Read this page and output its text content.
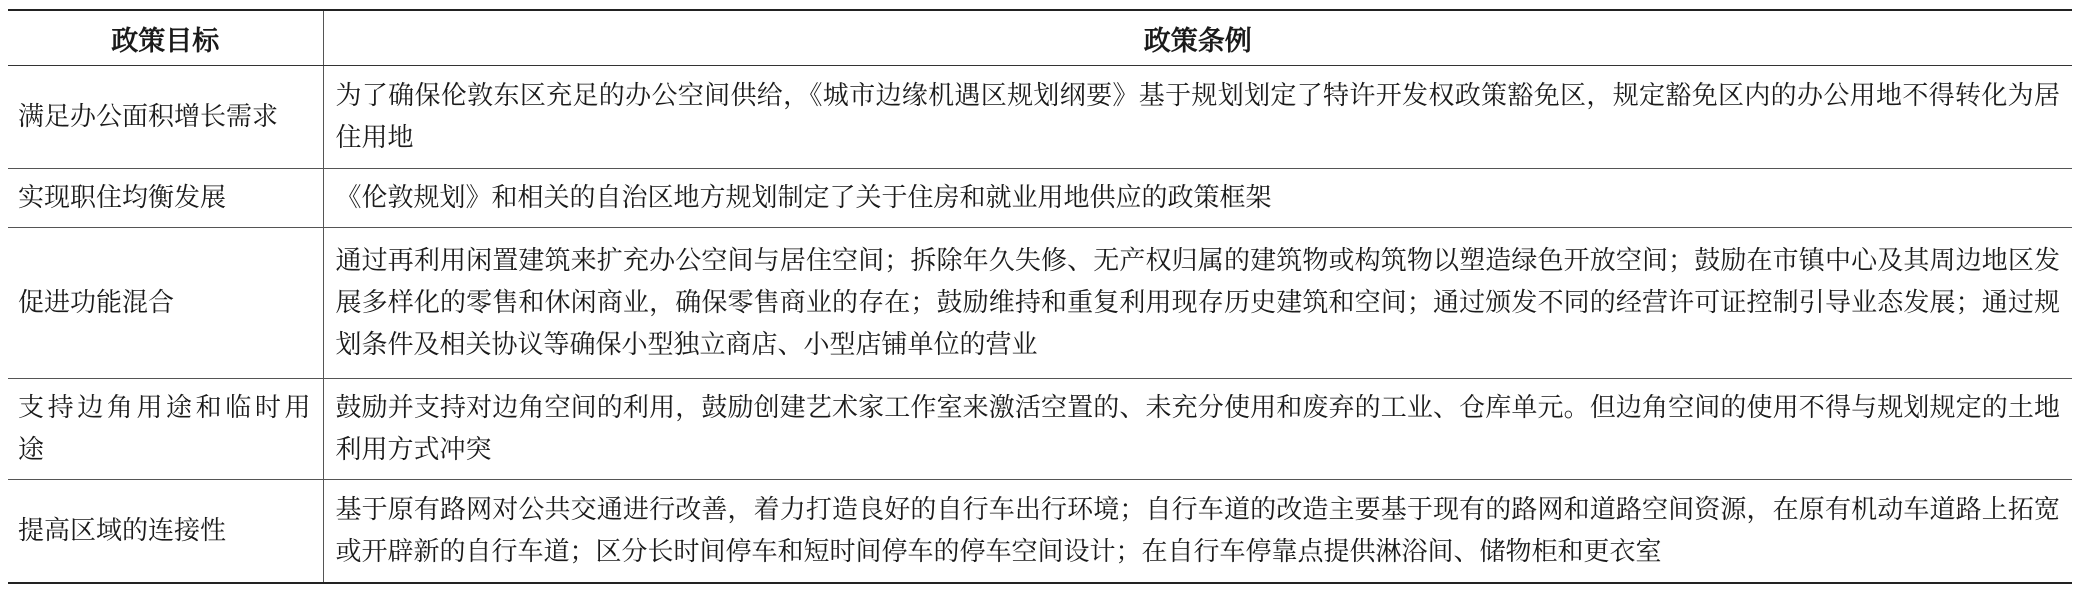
政策目标	政策条例
满足办公面积增长需求	为了确保伦敦东区充足的办公空间供给，《城市边缘机遇区规划纲要》基于规划划定了特许开发权政策豁免区，规定豁免区内的办公用地不得转化为居住用地
实现职住均衡发展	《伦敦规划》和相关的自治区地方规划制定了关于住房和就业用地供应的政策框架
促进功能混合	通过再利用闲置建筑来扩充办公空间与居住空间；拆除年久失修、无产权归属的建筑物或构筑物以塑造绿色开放空间；鼓励在市镇中心及其周边地区发展多样化的零售和休闲商业，确保零售商业的存在；鼓励维持和重复利用现存历史建筑和空间；通过颁发不同的经营许可证控制引导业态发展；通过规划条件及相关协议等确保小型独立商店、小型店铺单位的营业
支持边角用途和临时用途	鼓励并支持对边角空间的利用，鼓励创建艺术家工作室来激活空置的、未充分使用和废弃的工业、仓库单元。但边角空间的使用不得与规划规定的土地利用方式冲突
提高区域的连接性	基于原有路网对公共交通进行改善，着力打造良好的自行车出行环境；自行车道的改造主要基于现有的路网和道路空间资源，在原有机动车道路上拓宽或开辟新的自行车道；区分长时间停车和短时间停车的停车空间设计；在自行车停靠点提供淋浴间、储物柜和更衣室
